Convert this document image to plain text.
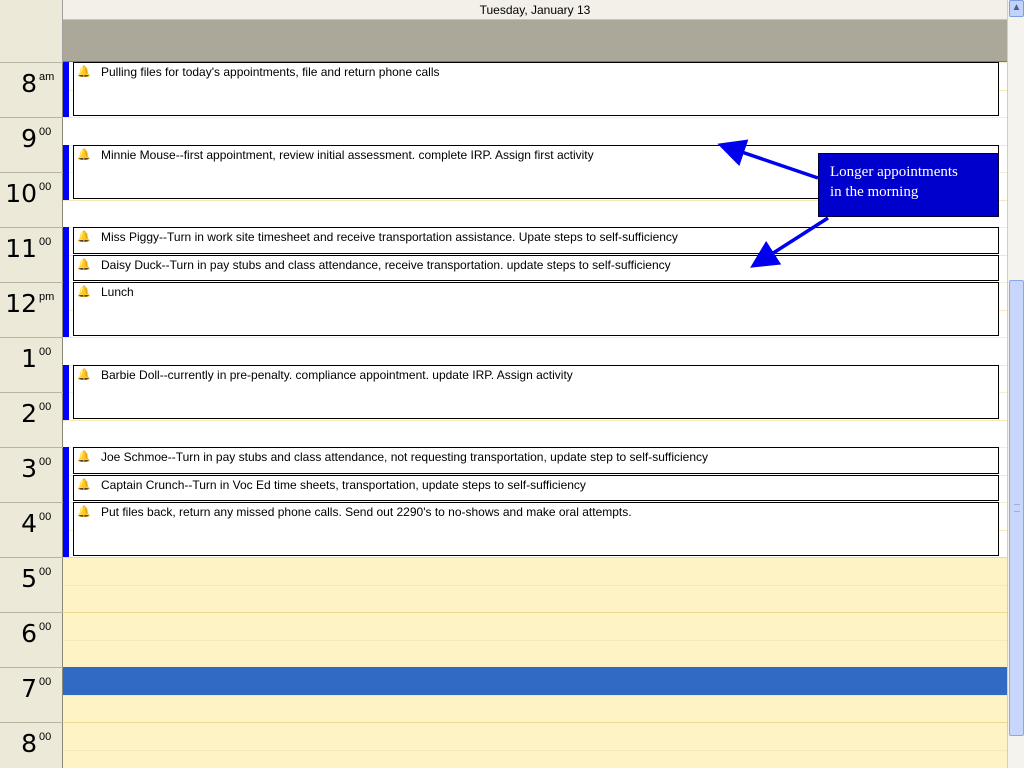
Tuesday, January 13
8 am
9 00
10 00
11 00
12 pm
1 00
2 00
3 00
4 00
5 00
6 00
7 00
8 00
🔔 Pulling files for today's appointments, file and return phone calls
🔔 Minnie Mouse--first appointment, review initial assessment. complete IRP. Assign first activity
🔔 Miss Piggy--Turn in work site timesheet and receive transportation assistance. Upate steps to self-sufficiency
🔔 Daisy Duck--Turn in pay stubs and class attendance, receive transportation. update steps to self-sufficiency
🔔 Lunch
🔔 Barbie Doll--currently in pre-penalty. compliance appointment. update IRP. Assign activity
🔔 Joe Schmoe--Turn in pay stubs and class attendance, not requesting transportation, update step to self-sufficiency
🔔 Captain Crunch--Turn in Voc Ed time sheets, transportation, update steps to self-sufficiency
🔔 Put files back, return any missed phone calls. Send out 2290's to no-shows and make oral attempts.
▲
Longer appointments
in the morning
